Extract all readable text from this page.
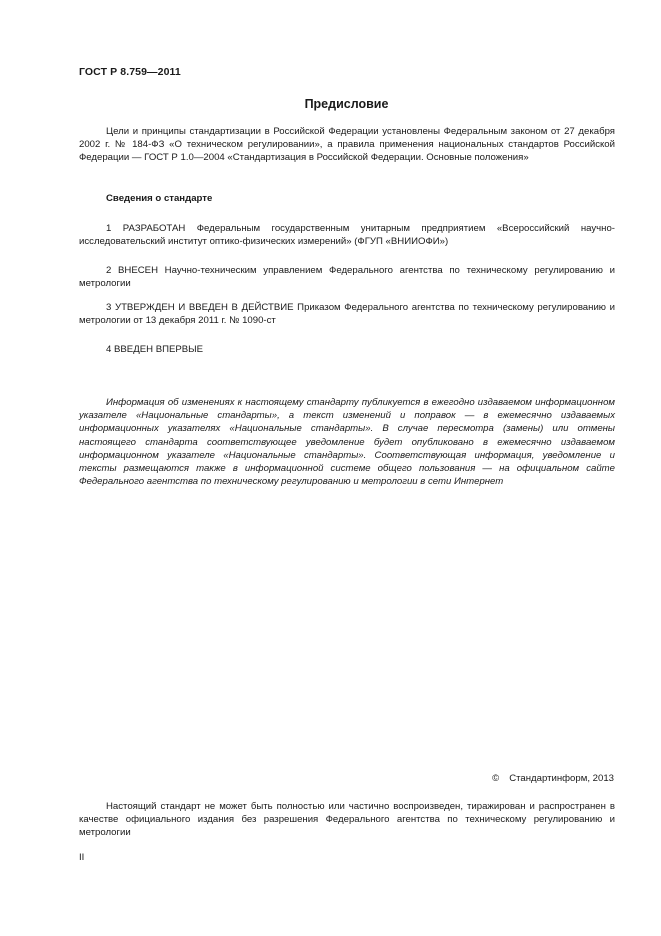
ГОСТ Р 8.759—2011
Предисловие
Цели и принципы стандартизации в Российской Федерации установлены Федеральным законом от 27 декабря 2002 г. № 184-ФЗ «О техническом регулировании», а правила применения национальных стандартов Российской Федерации — ГОСТ Р 1.0—2004 «Стандартизация в Российской Федерации. Основные положения»
Сведения о стандарте
1 РАЗРАБОТАН Федеральным государственным унитарным предприятием «Всероссийский научно-исследовательский институт оптико-физических измерений» (ФГУП «ВНИИОФИ»)
2 ВНЕСЕН Научно-техническим управлением Федерального агентства по техническому регулированию и метрологии
3 УТВЕРЖДЕН И ВВЕДЕН В ДЕЙСТВИЕ Приказом Федерального агентства по техническому регулированию и метрологии от 13 декабря 2011 г. № 1090-ст
4 ВВЕДЕН ВПЕРВЫЕ
Информация об изменениях к настоящему стандарту публикуется в ежегодно издаваемом информационном указателе «Национальные стандарты», а текст изменений и поправок — в ежемесячно издаваемых информационных указателях «Национальные стандарты». В случае пересмотра (замены) или отмены настоящего стандарта соответствующее уведомление будет опубликовано в ежемесячно издаваемом информационном указателе «Национальные стандарты». Соответствующая информация, уведомление и тексты размещаются также в информационной системе общего пользования — на официальном сайте Федерального агентства по техническому регулированию и метрологии в сети Интернет
© Стандартинформ, 2013
Настоящий стандарт не может быть полностью или частично воспроизведен, тиражирован и распространен в качестве официального издания без разрешения Федерального агентства по техническому регулированию и метрологии
II
